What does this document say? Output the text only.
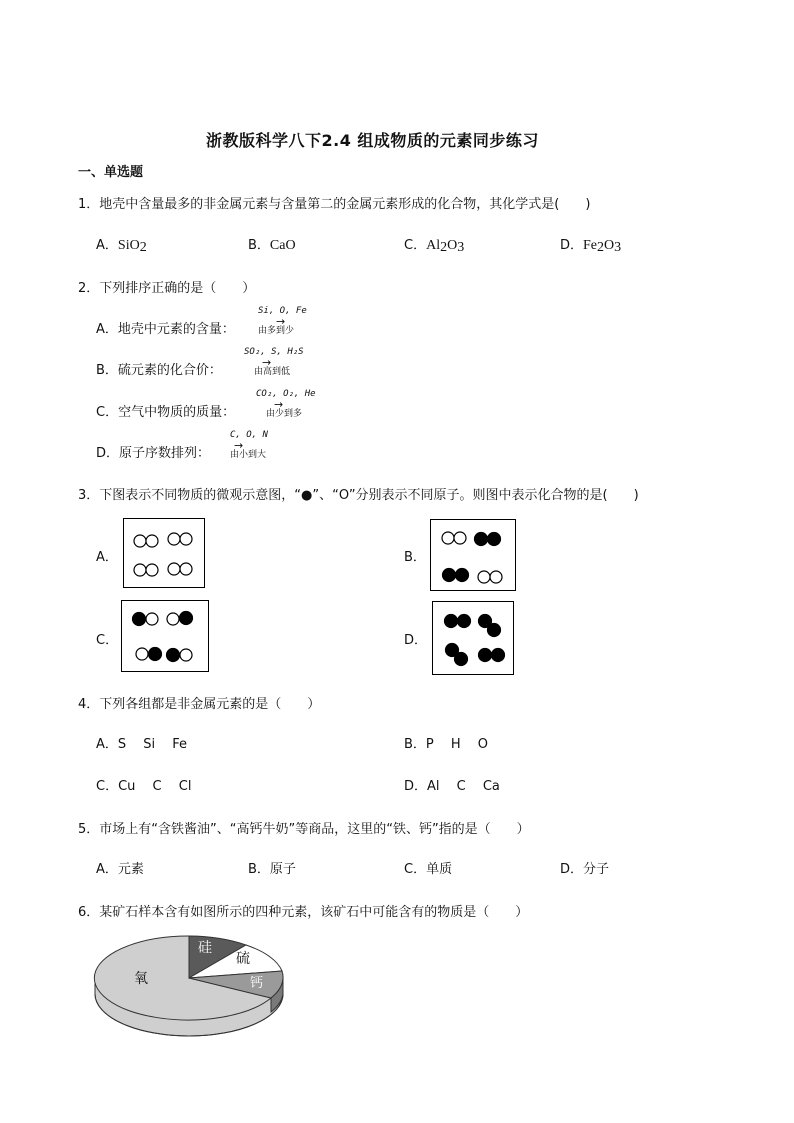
浙教版科学八下2.4 组成物质的元素同步练习
一、单选题
1．地壳中含量最多的非金属元素与含量第二的金属元素形成的化合物，其化学式是(　　)
A．SiO$_2$	B．CaO	C．$Al_2O_3$	D．$Fe_2O_3$
2．下列排序正确的是（　　）
A．地壳中元素的含量：
Si, O, Fe
→
由多到少
B．硫元素的化合价：
SO₂, S, H₂S
→
由高到低
C．空气中物质的质量：
CO₂, O₂, He
→
由少到多
D．原子序数排列：
C, O, N
→
由小到大
3．下图表示不同物质的微观示意图，“●”、“O”分别表示不同原子。则图中表示化合物的是(　　)
A．	B．
C．	D．
4．下列各组都是非金属元素的是（　　）
A．S　 Si　 Fe	B．P　 H　 O
C．Cu　 C　 Cl	D．Al　 C　 Ca
5．市场上有“含铁酱油”、“高钙牛奶”等商品，这里的“铁、钙”指的是（　　）
A．元素	B．原子	C．单质	D．分子
6．某矿石样本含有如图所示的四种元素，该矿石中可能含有的物质是（　　）
氧
硅
硫
钙
